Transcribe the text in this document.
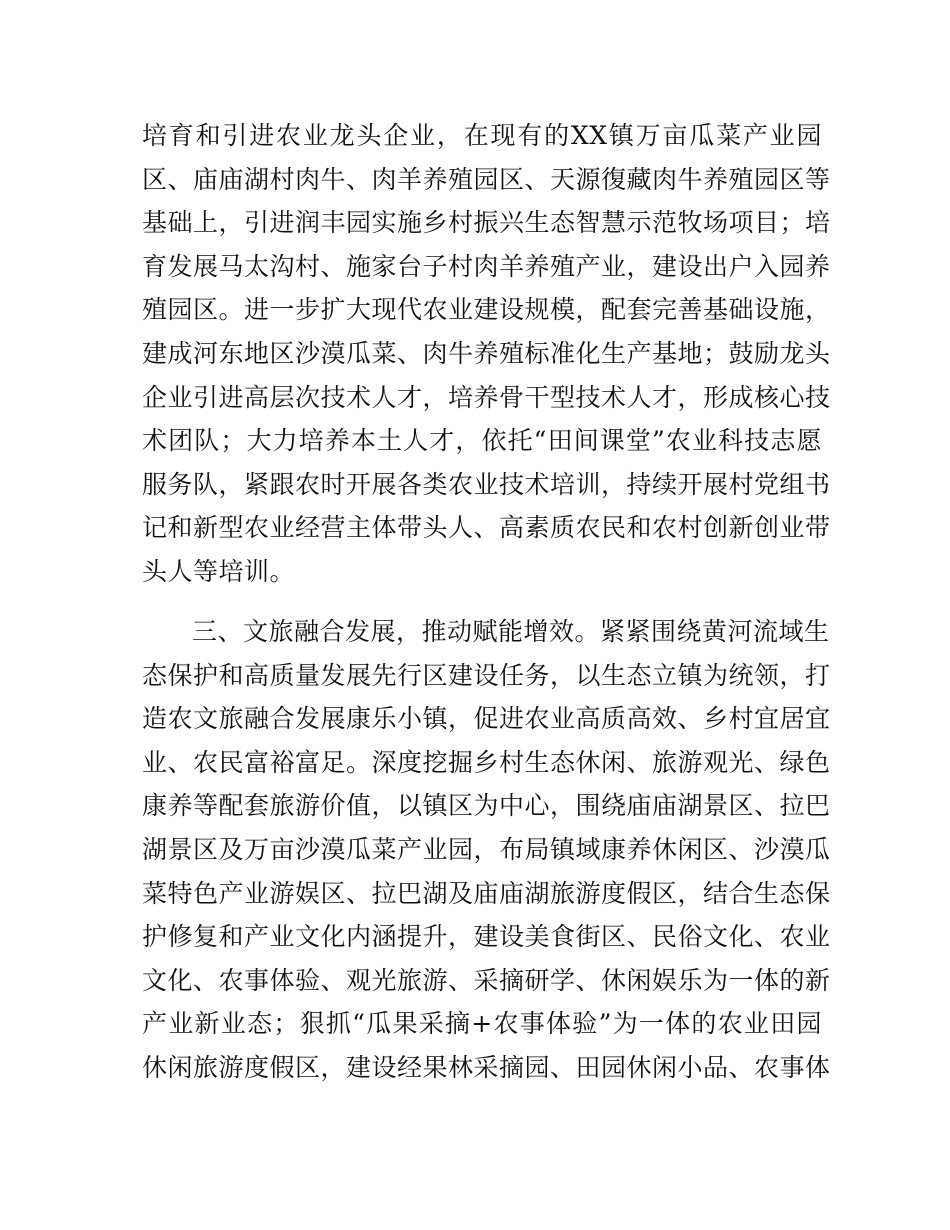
培育和引进农业龙头企业，在现有的XX镇万亩瓜菜产业园
区、庙庙湖村肉牛、肉羊养殖园区、天源復藏肉牛养殖园区等
基础上，引进润丰园实施乡村振兴生态智慧示范牧场项目；培
育发展马太沟村、施家台子村肉羊养殖产业，建设出户入园养
殖园区。进一步扩大现代农业建设规模，配套完善基础设施，
建成河东地区沙漠瓜菜、肉牛养殖标准化生产基地；鼓励龙头
企业引进高层次技术人才，培养骨干型技术人才，形成核心技
术团队；大力培养本土人才，依托“田间课堂”农业科技志愿
服务队，紧跟农时开展各类农业技术培训，持续开展村党组书
记和新型农业经营主体带头人、高素质农民和农村创新创业带
头人等培训。
三、文旅融合发展，推动赋能增效。紧紧围绕黄河流域生
态保护和高质量发展先行区建设任务，以生态立镇为统领，打
造农文旅融合发展康乐小镇，促进农业高质高效、乡村宜居宜
业、农民富裕富足。深度挖掘乡村生态休闲、旅游观光、绿色
康养等配套旅游价值，以镇区为中心，围绕庙庙湖景区、拉巴
湖景区及万亩沙漠瓜菜产业园，布局镇域康养休闲区、沙漠瓜
菜特色产业游娱区、拉巴湖及庙庙湖旅游度假区，结合生态保
护修复和产业文化内涵提升，建设美食街区、民俗文化、农业
文化、农事体验、观光旅游、采摘研学、休闲娱乐为一体的新
产业新业态；狠抓“瓜果采摘+农事体验”为一体的农业田园
休闲旅游度假区，建设经果林采摘园、田园休闲小品、农事体
